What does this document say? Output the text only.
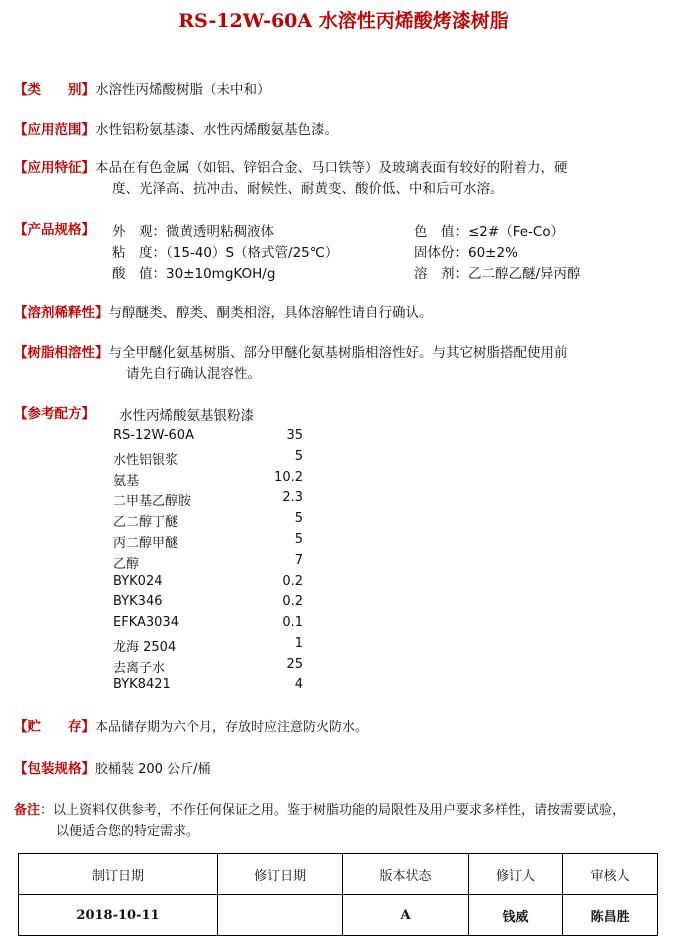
RS-12W-60A 水溶性丙烯酸烤漆树脂
【类　　别】水溶性丙烯酸树脂（未中和）
【应用范围】水性铝粉氨基漆、水性丙烯酸氨基色漆。
【应用特征】本品在有色金属（如铝、锌铝合金、马口铁等）及玻璃表面有较好的附着力，硬
度、光泽高、抗冲击、耐候性、耐黄变、酸价低、中和后可水溶。
【产品规格】	外　观：微黄透明粘稠液体	色　值：≤2#（Fe-Co）
粘　度：（15-40）S（格式管/25℃）	固体份：60±2%
酸　值：30±10mgKOH/g	溶　剂：乙二醇乙醚/异丙醇
【溶剂稀释性】与醇醚类、醇类、酮类相溶，具体溶解性请自行确认。
【树脂相溶性】与全甲醚化氨基树脂、部分甲醚化氨基树脂相溶性好。与其它树脂搭配使用前
请先自行确认混容性。
【参考配方】	水性丙烯酸氨基银粉漆
RS-12W-60A	35
水性铝银浆	5
氨基	10.2
二甲基乙醇胺	2.3
乙二醇丁醚	5
丙二醇甲醚	5
乙醇	7
BYK024	0.2
BYK346	0.2
EFKA3034	0.1
龙海 2504	1
去离子水	25
BYK8421	4
【贮　　存】本品储存期为六个月，存放时应注意防火防水。
【包装规格】胶桶装 200 公斤/桶
备注：以上资料仅供参考，不作任何保证之用。鉴于树脂功能的局限性及用户要求多样性，请按需要试验，
以便适合您的特定需求。
制订日期	修订日期	版本状态	修订人	审核人
2018-10-11		A	钱威	陈昌胜
